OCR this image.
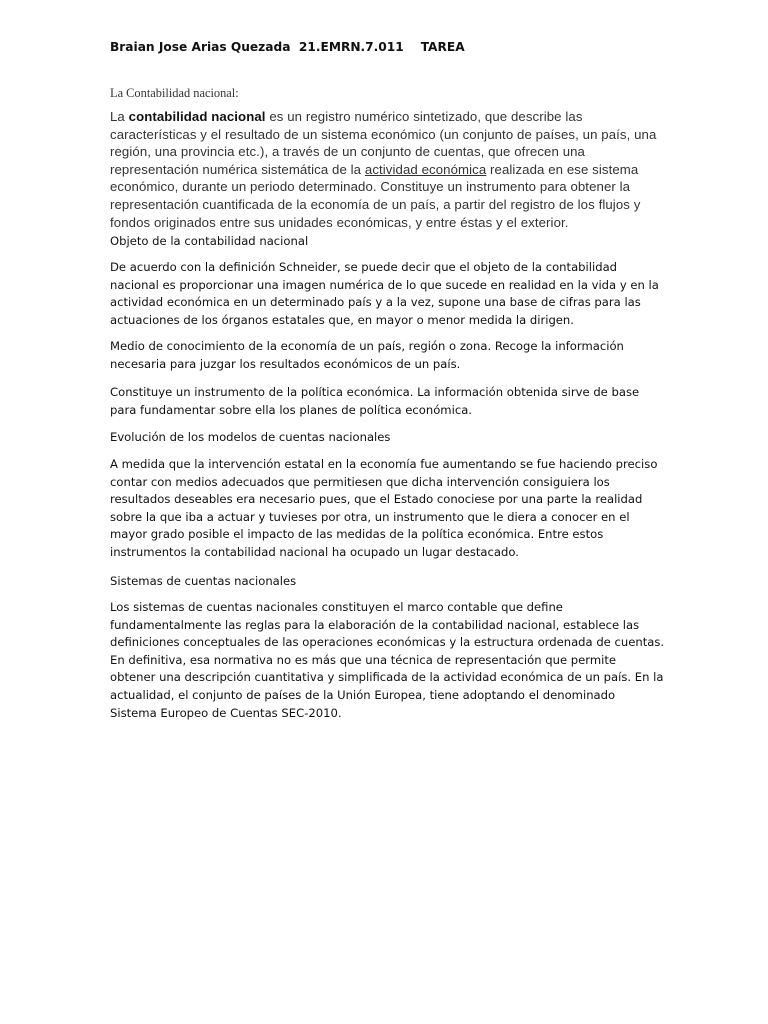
Braian Jose Arias Quezada  21.EMRN.7.011    TAREA
La Contabilidad nacional:
La contabilidad nacional es un registro numérico sintetizado, que describe las características y el resultado de un sistema económico (un conjunto de países, un país, una región, una provincia etc.), a través de un conjunto de cuentas, que ofrecen una representación numérica sistemática de la actividad económica realizada en ese sistema económico, durante un periodo determinado. Constituye un instrumento para obtener la representación cuantificada de la economía de un país, a partir del registro de los flujos y fondos originados entre sus unidades económicas, y entre éstas y el exterior.
Objeto de la contabilidad nacional
De acuerdo con la definición Schneider, se puede decir que el objeto de la contabilidad nacional es proporcionar una imagen numérica de lo que sucede en realidad en la vida y en la actividad económica en un determinado país y a la vez, supone una base de cifras para las actuaciones de los órganos estatales que, en mayor o menor medida la dirigen.
Medio de conocimiento de la economía de un país, región o zona. Recoge la información necesaria para juzgar los resultados económicos de un país.
Constituye un instrumento de la política económica. La información obtenida sirve de base para fundamentar sobre ella los planes de política económica.
Evolución de los modelos de cuentas nacionales
A medida que la intervención estatal en la economía fue aumentando se fue haciendo preciso contar con medios adecuados que permitiesen que dicha intervención consiguiera los resultados deseables era necesario pues, que el Estado conociese por una parte la realidad sobre la que iba a actuar y tuvieses por otra, un instrumento que le diera a conocer en el mayor grado posible el impacto de las medidas de la política económica. Entre estos instrumentos la contabilidad nacional ha ocupado un lugar destacado.
Sistemas de cuentas nacionales
Los sistemas de cuentas nacionales constituyen el marco contable que define fundamentalmente las reglas para la elaboración de la contabilidad nacional, establece las definiciones conceptuales de las operaciones económicas y la estructura ordenada de cuentas. En definitiva, esa normativa no es más que una técnica de representación que permite obtener una descripción cuantitativa y simplificada de la actividad económica de un país. En la actualidad, el conjunto de países de la Unión Europea, tiene adoptando el denominado Sistema Europeo de Cuentas SEC-2010.
